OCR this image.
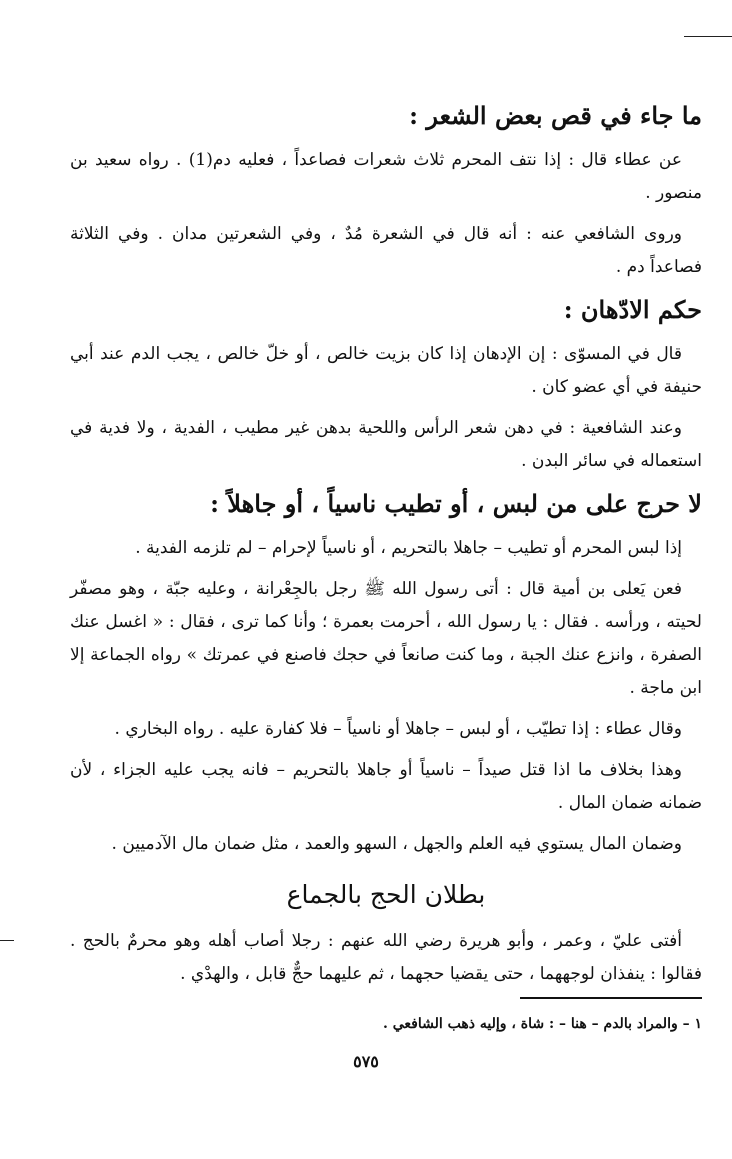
ما جاء في قص بعض الشعر :

عن عطاء قال : إذا نتف المحرم ثلاث شعرات فصاعداً ، فعليه دم(1) . رواه سعيد بن منصور .

وروى الشافعي عنه : أنه قال في الشعرة مُدٌ ، وفي الشعرتين مدان . وفي الثلاثة فصاعداً دم .

حكم الادّهان :

قال في المسوّى : إن الإدهان إذا كان بزيت خالص ، أو خلّ خالص ، يجب الدم عند أبي حنيفة في أي عضو كان .

وعند الشافعية : في دهن شعر الرأس واللحية بدهن غير مطيب ، الفدية ، ولا فدية في استعماله في سائر البدن .

لا حرج على من لبس ، أو تطيب ناسياً ، أو جاهلاً :

إذا لبس المحرم أو تطيب – جاهلا بالتحريم ، أو ناسياً لإحرام – لم تلزمه الفدية .

فعن يَعلى بن أمية قال : أتى رسول الله ﷺ رجل بالجِعْرانة ، وعليه جبّة ، وهو مصفّر لحيته ، ورأسه . فقال : يا رسول الله ، أحرمت بعمرة ؛ وأنا كما ترى ، فقال : « اغسل عنك الصفرة ، وانزع عنك الجبة ، وما كنت صانعاً في حجك فاصنع في عمرتك » رواه الجماعة إلا ابن ماجة .

وقال عطاء : إذا تطيّب ، أو لبس – جاهلا أو ناسياً – فلا كفارة عليه . رواه البخاري .

وهذا بخلاف ما اذا قتل صيداً – ناسياً أو جاهلا بالتحريم – فانه يجب عليه الجزاء ، لأن ضمانه ضمان المال .

وضمان المال يستوي فيه العلم والجهل ، السهو والعمد ، مثل ضمان مال الآدميين .

بطلان الحج بالجماع

أفتى عليّ ، وعمر ، وأبو هريرة رضي الله عنهم : رجلا أصاب أهله وهو محرمٌ بالحج . فقالوا : ينفذان لوجههما ، حتى يقضيا حجهما ، ثم عليهما حجٌّ قابل ، والهدْي .

١ – والمراد بالدم – هنا – : شاة ، وإليه ذهب الشافعي .
٥٧٥
